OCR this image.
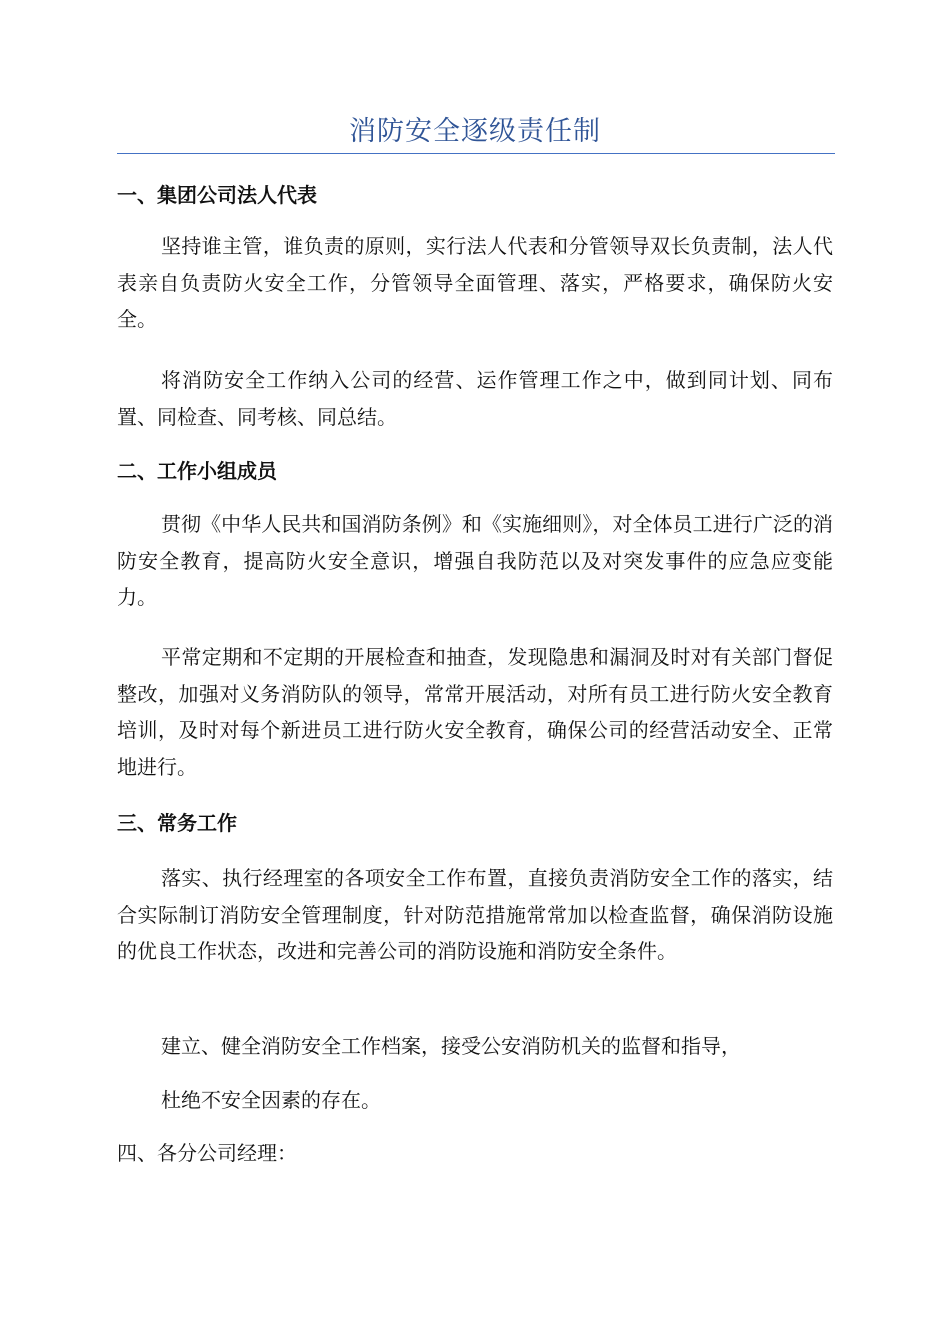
消防安全逐级责任制
一、集团公司法人代表

坚持谁主管，谁负责的原则，实行法人代表和分管领导双长负责制，法人代表亲自负责防火安全工作，分管领导全面管理、落实，严格要求，确保防火安全。

将消防安全工作纳入公司的经营、运作管理工作之中，做到同计划、同布置、同检查、同考核、同总结。

二、工作小组成员

贯彻《中华人民共和国消防条例》和《实施细则》，对全体员工进行广泛的消防安全教育，提高防火安全意识，增强自我防范以及对突发事件的应急应变能力。

平常定期和不定期的开展检查和抽查，发现隐患和漏洞及时对有关部门督促整改，加强对义务消防队的领导，常常开展活动，对所有员工进行防火安全教育培训，及时对每个新进员工进行防火安全教育，确保公司的经营活动安全、正常地进行。

三、常务工作

落实、执行经理室的各项安全工作布置，直接负责消防安全工作的落实，结合实际制订消防安全管理制度，针对防范措施常常加以检查监督，确保消防设施的优良工作状态，改进和完善公司的消防设施和消防安全条件。

建立、健全消防安全工作档案，接受公安消防机关的监督和指导，

杜绝不安全因素的存在。

四、各分公司经理：
